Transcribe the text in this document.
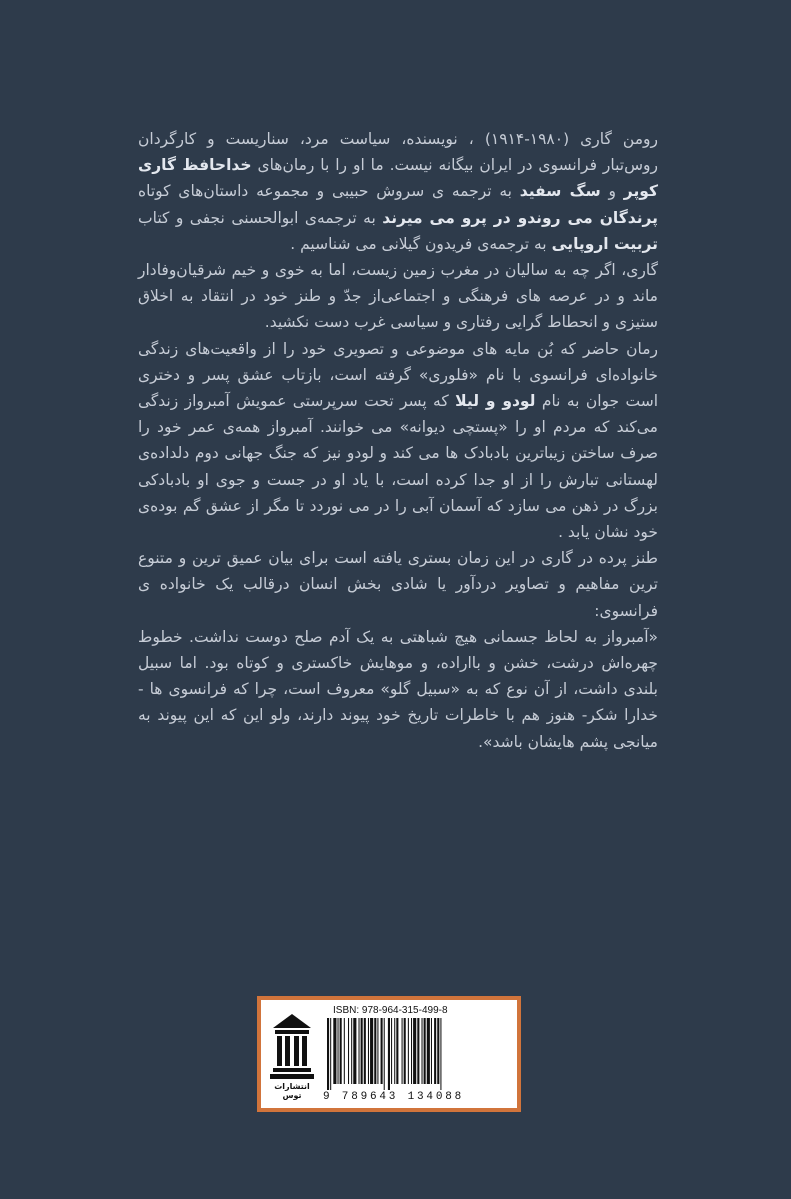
رومن گاری (۱۹۸۰-۱۹۱۴) ، نویسنده، سیاست مرد، سناریست و کارگردان روس‌تبار فرانسوی در ایران بیگانه نیست. ما او را با رمان‌های خداحافظ گاری کوپر و سگ سفید به ترجمه ی سروش حبیبی و مجموعه داستان‌های کوتاه پرندگان می روندو در پرو می میرند به ترجمه‌ی ابوالحسنی نجفی و کتاب تربیت اروپایی به ترجمه‌ی فریدون گیلانی می شناسیم .

گاری، اگر چه به سالیان در مغرب زمین زیست، اما به خوی و خیم شرقیان‌وفادار ماند و در عرصه های فرهنگی و اجتماعی‌از جدّ و طنز خود در انتقاد به اخلاق ستیزی و انحطاط گرایی رفتاری و سیاسی غرب دست نکشید.

رمان حاضر که بُن مایه های موضوعی و تصویری خود را از واقعیت‌های زندگی خانواده‌ای فرانسوی با نام «فلوری» گرفته است، بازتاب عشق پسر و دختری است جوان به نام لودو و لیلا که پسر تحت سرپرستی عمویش آمبرواز زندگی می‌کند که مردم او را «پستچی دیوانه» می خوانند. آمبرواز همه‌ی عمر خود را صرف ساختن زیباترین بادبادک ها می کند و لودو نیز که جنگ جهانی دوم دلداده‌ی لهستانی تبارش را از او جدا کرده است، با یاد او در جست و جوی او بادبادکی بزرگ در ذهن می سازد که آسمان آبی را در می نوردد تا مگر از عشق گم بوده‌ی خود نشان یابد .

طنز پرده در گاری در این زمان بستری یافته است برای بیان عمیق ترین و متنوع ترین مفاهیم و تصاویر دردآور یا شادی بخش انسان درقالب یک خانواده ی فرانسوی:

«آمبرواز به لحاظ جسمانی هیچ شباهتی به یک آدم صلح دوست نداشت. خطوط چهره‌اش درشت، خشن و بااراده، و موهایش خاکستری و کوتاه بود. اما سبیل بلندی داشت، از آن نوع که به «سبیل گلو» معروف است، چرا که فرانسوی ها - خدارا شکر- هنوز هم با خاطرات تاریخ خود پیوند دارند، ولو این که این پیوند به میانجی پشم هایشان باشد».

انتشارات توس
ISBN: 978-964-315-499-8
9 789643 134088
